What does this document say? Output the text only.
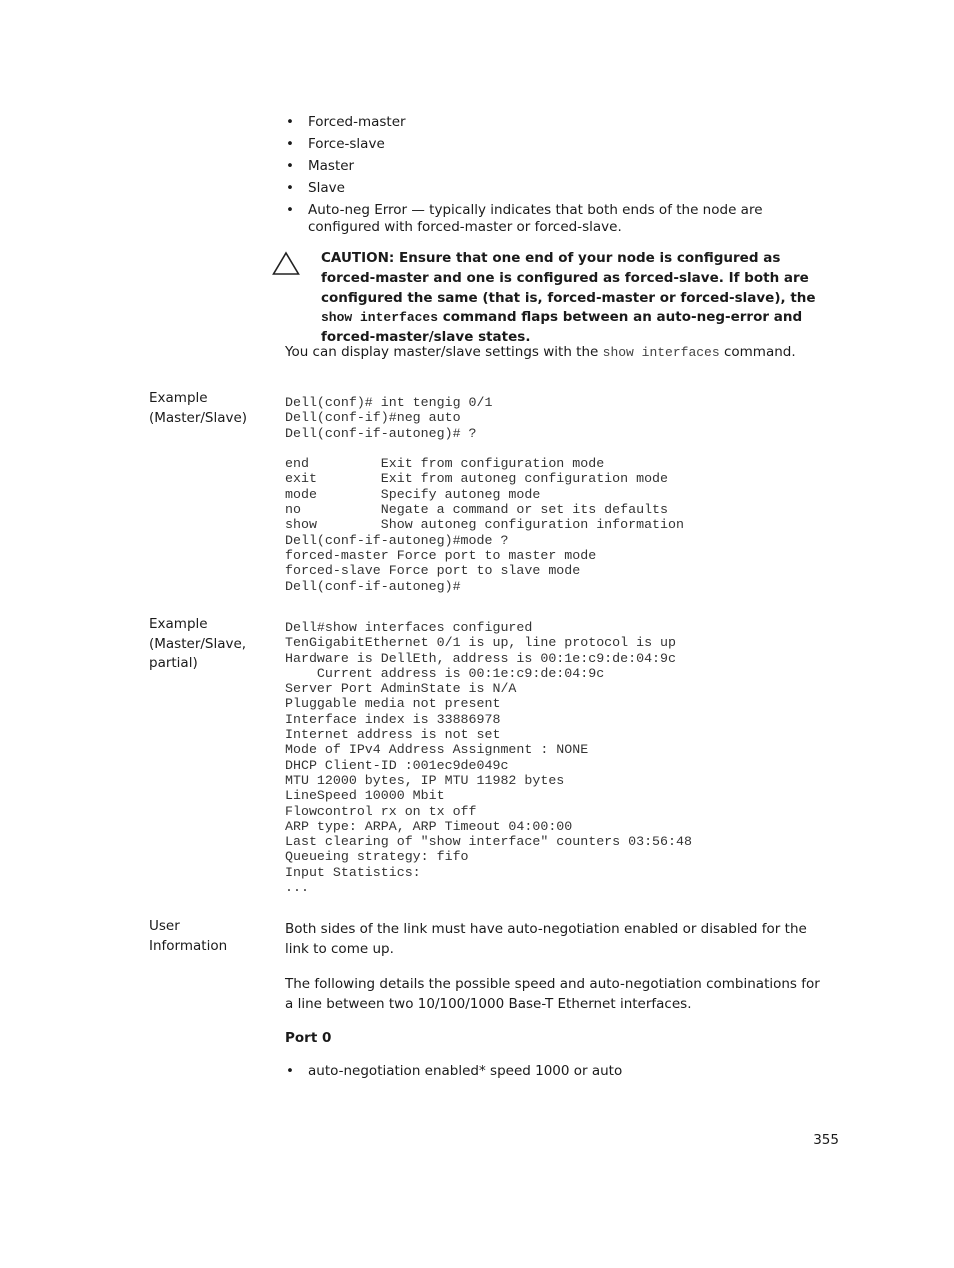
• Forced-master
• Force-slave
• Master
• Slave
• Auto-neg Error — typically indicates that both ends of the node are configured with forced-master or forced-slave.
CAUTION: Ensure that one end of your node is configured as forced-master and one is configured as forced-slave. If both are configured the same (that is, forced-master or forced-slave), the show interfaces command flaps between an auto-neg-error and forced-master/slave states.
You can display master/slave settings with the show interfaces command.
Example (Master/Slave)
Dell(conf)# int tengig 0/1
Dell(conf-if)#neg auto
Dell(conf-if-autoneg)# ?

end         Exit from configuration mode
exit        Exit from autoneg configuration mode
mode        Specify autoneg mode
no          Negate a command or set its defaults
show        Show autoneg configuration information
Dell(conf-if-autoneg)#mode ?
forced-master Force port to master mode
forced-slave Force port to slave mode
Dell(conf-if-autoneg)#
Example
(Master/Slave,
partial)
Dell#show interfaces configured
TenGigabitEthernet 0/1 is up, line protocol is up
Hardware is DellEth, address is 00:1e:c9:de:04:9c
Current address is 00:1e:c9:de:04:9c
Server Port AdminState is N/A
Pluggable media not present
Interface index is 33886978
Internet address is not set
Mode of IPv4 Address Assignment : NONE
DHCP Client-ID :001ec9de049c
MTU 12000 bytes, IP MTU 11982 bytes
LineSpeed 10000 Mbit
Flowcontrol rx on tx off
ARP type: ARPA, ARP Timeout 04:00:00
Last clearing of "show interface" counters 03:56:48
Queueing strategy: fifo
Input Statistics:
...
User
Information
Both sides of the link must have auto-negotiation enabled or disabled for the link to come up.
The following details the possible speed and auto-negotiation combinations for a line between two 10/100/1000 Base-T Ethernet interfaces.
Port 0
• auto-negotiation enabled* speed 1000 or auto
355
